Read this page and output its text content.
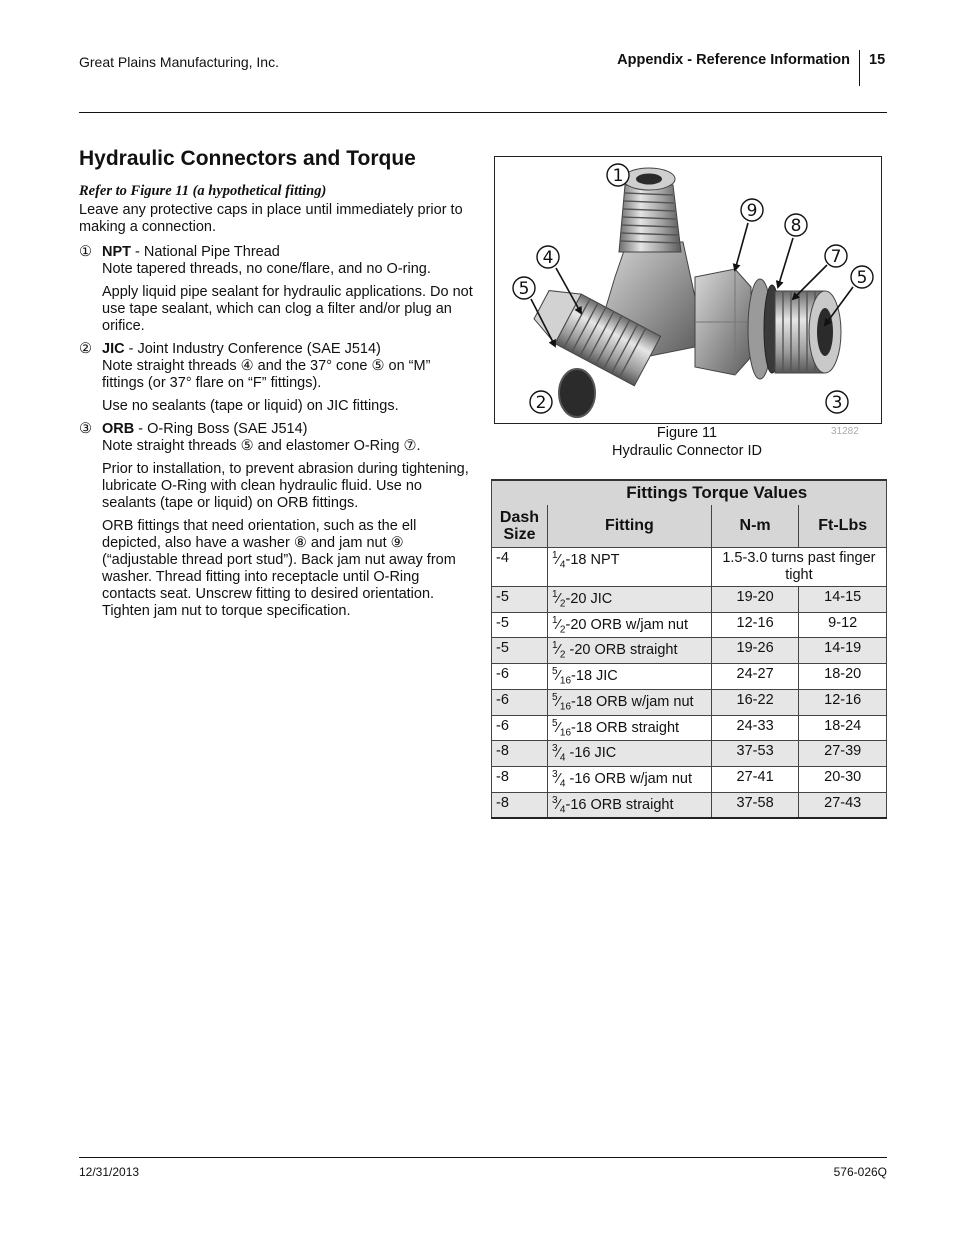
Great Plains Manufacturing, Inc.	Appendix - Reference Information 15
Hydraulic Connectors and Torque
Refer to Figure 11 (a hypothetical fitting)

Leave any protective caps in place until immediately prior to making a connection.

① NPT - National Pipe Thread

Note tapered threads, no cone/flare, and no O-ring.

Apply liquid pipe sealant for hydraulic applications. Do not use tape sealant, which can clog a filter and/or plug an orifice.

② JIC - Joint Industry Conference (SAE J514)

Note straight threads ④ and the 37° cone ⑤ on “M” fittings (or 37° flare on “F” fittings).

Use no sealants (tape or liquid) on JIC fittings.

③ ORB - O-Ring Boss (SAE J514)

Note straight threads ⑤ and elastomer O-Ring ⑦.

Prior to installation, to prevent abrasion during tightening, lubricate O-Ring with clean hydraulic fluid. Use no sealants (tape or liquid) on ORB fittings.

ORB fittings that need orientation, such as the ell depicted, also have a washer ⑧ and jam nut ⑨ (“adjustable thread port stud”). Back jam nut away from washer. Thread fitting into receptacle until O-Ring contacts seat. Unscrew fitting to desired orientation. Tighten jam nut to torque specification.

1
9
8
4	7
5
5
2	3
Figure 11
Hydraulic Connector ID
31282
	Fittings Torque Values		
Dash Size	Fitting	N-m	Ft-Lbs
-4	$^1⁄_4-18$ NPT	1.5-3.0 turns past finger tight	
-5	$^1⁄_2-20$ JIC	19-20	14-15
-5	$^1⁄_2-20$ ORB w/jam nut	12-16	9-12
-5	$^1⁄_2$ -20 ORB straight	19-26	14-19
-6	$^5⁄_{16}-18$ JIC	24-27	18-20
-6	$^5⁄_{16}-18$ ORB w/jam nut	16-22	12-16
-6	$^5⁄_{16}-18$ ORB straight	24-33	18-24
-8	$^3⁄_4$ -16 JIC	37-53	27-39
-8	$^3⁄_4$ -16 ORB w/jam nut	27-41	20-30
-8	$^3⁄_4-16$ ORB straight	37-58	27-43
12/31/2013	576-026Q
